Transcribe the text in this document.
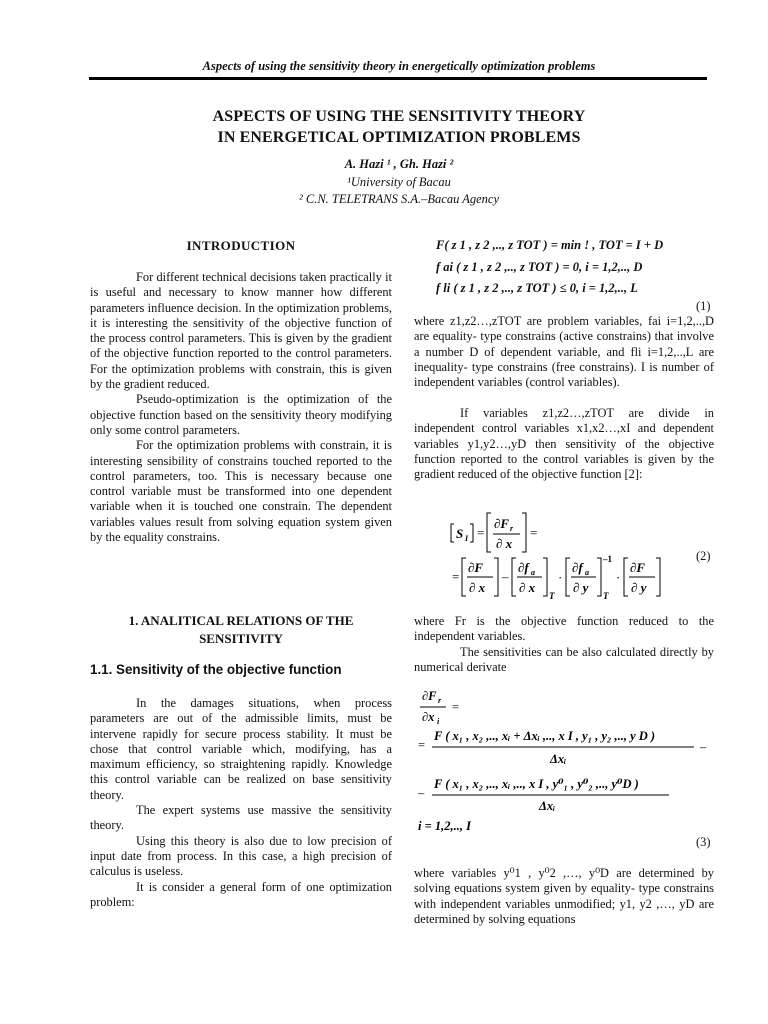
Aspects of using the sensitivity theory in energetically optimization problems
ASPECTS OF USING THE SENSITIVITY THEORY
IN ENERGETICAL OPTIMIZATION PROBLEMS
A. Hazi ¹ , Gh. Hazi ²
¹University of Bacau
² C.N. TELETRANS S.A.–Bacau Agency
INTRODUCTION

For different technical decisions taken practically it is useful and necessary to know manner how different parameters influence decision. In the optimization problems, it is interesting the sensitivity of the objective function of the process control parameters. This is given by the gradient of the objective function reported to the control parameters. For the optimization problems with constrain, this is given by the gradient reduced.

Pseudo-optimization is the optimization of the objective function based on the sensitivity theory modifying only some control parameters.

For the optimization problems with constrain, it is interesting sensibility of constrains touched reported to the control parameters, too. This is necessary because one control variable must be transformed into one dependent variable when it is touched one constrain. The dependent variables values result from solving equation system given by the equality constrains.

1. ANALITICAL RELATIONS OF THE SENSITIVITY
1.1. Sensitivity of the objective function

In the damages situations, when process parameters are out of the admissible limits, must be intervene rapidly for secure process stability. It must be chose that control variable which, modifying, has a maximum efficiency, so straightening rapidly. Knowledge this control variable can be realized on base sensitivity theory.

The expert systems use massive the sensitivity theory.

Using this theory is also due to low precision of input date from process. In this case, a high precision of calculus is useless.

It is consider a general form of one optimization problem:

F( z 1 , z 2 ,.., z TOT ) = min ! , TOT = I + D
f ai ( z 1 , z 2 ,.., z TOT ) = 0, i = 1,2,.., D
f li ( z 1 , z 2 ,.., z TOT ) ≤ 0, i = 1,2,.., L
(1)
where z1,z2…,zTOT are problem variables, fai i=1,2,..,D are equality- type constrains (active constrains) that involve a number D of dependent variable, and fli i=1,2,..,L are inequality- type constrains (free constrains). I is number of independent variables (control variables).

If variables z1,z2…,zTOT are divide in independent control variables x1,x2…,xI and dependent variables y1,y2…,yD then sensitivity of the objective function reported to the control variables is given by the gradient reduced of the objective function [2]:

S I =
∂F r
∂ x
=
=
∂F
∂ x
–
∂f a
∂ x
T
·
∂f a
∂ y
–1
T
·
∂F
∂ y
(2)
where Fr is the objective function reduced to the independent variables.

The sensitivities can be also calculated directly by numerical derivate

∂F r
∂x i
=
=
F ( x₁ , x₂ ,.., xᵢ + Δxᵢ ,.., x I , y₁ , y₂ ,.., y D )
Δxᵢ
–
–
F ( x₁ , x₂ ,.., xᵢ ,.., x I , y⁰₁ , y⁰₂ ,.., y⁰D )
Δxᵢ
i = 1,2,.., I
(3)
where variables y⁰1 , y⁰2 ,…, y⁰D are determined by solving equations system given by equality- type constrains with independent variables unmodified; y1, y2 ,…, yD are determined by solving equations
